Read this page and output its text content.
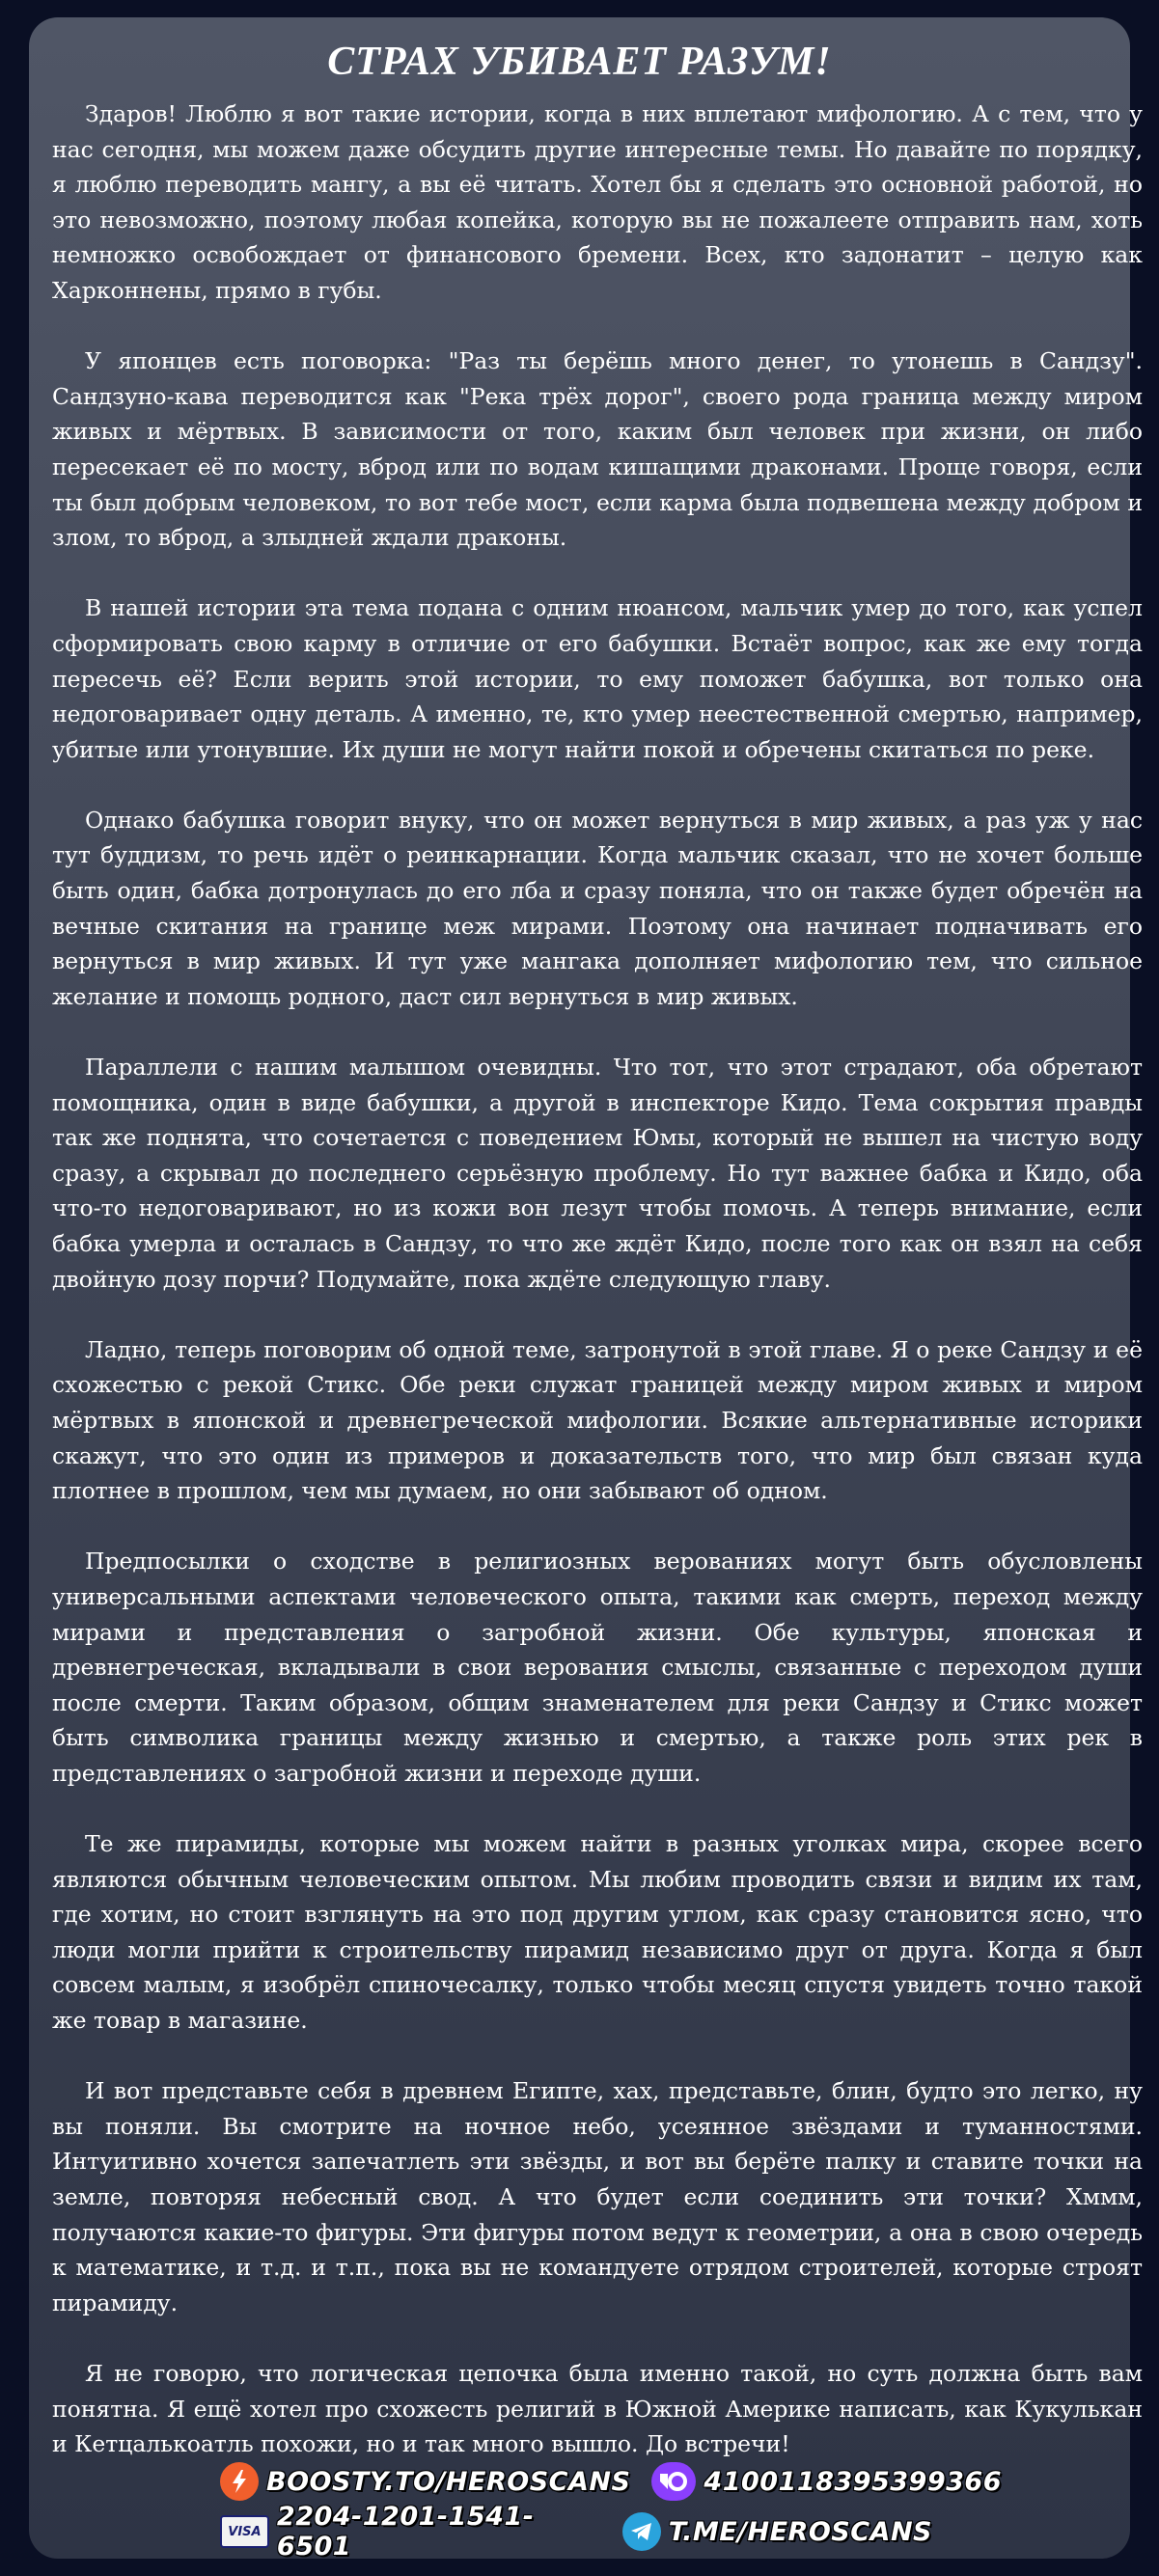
СТРАХ УБИВАЕТ РАЗУМ!

Здаров! Люблю я вот такие истории, когда в них вплетают мифологию. А с тем, что у нас сегодня, мы можем даже обсудить другие интересные темы. Но давайте по порядку, я люблю переводить мангу, а вы её читать. Хотел бы я сделать это основной работой, но это невозможно, поэтому любая копейка, которую вы не пожалеете отправить нам, хоть немножко освобождает от финансового бремени. Всех, кто задонатит – целую как Харконнены, прямо в губы.

У японцев есть поговорка: "Раз ты берёшь много денег, то утонешь в Сандзу". Сандзуно-кава переводится как "Река трёх дорог", своего рода граница между миром живых и мёртвых. В зависимости от того, каким был человек при жизни, он либо пересекает её по мосту, вброд или по водам кишащими драконами. Проще говоря, если ты был добрым человеком, то вот тебе мост, если карма была подвешена между добром и злом, то вброд, а злыдней ждали драконы.

В нашей истории эта тема подана с одним нюансом, мальчик умер до того, как успел сформировать свою карму в отличие от его бабушки. Встаёт вопрос, как же ему тогда пересечь её? Если верить этой истории, то ему поможет бабушка, вот только она недоговаривает одну деталь. А именно, те, кто умер неестественной смертью, например, убитые или утонувшие. Их души не могут найти покой и обречены скитаться по реке.

Однако бабушка говорит внуку, что он может вернуться в мир живых, а раз уж у нас тут буддизм, то речь идёт о реинкарнации. Когда мальчик сказал, что не хочет больше быть один, бабка дотронулась до его лба и сразу поняла, что он также будет обречён на вечные скитания на границе меж мирами. Поэтому она начинает подначивать его вернуться в мир живых. И тут уже мангака дополняет мифологию тем, что сильное желание и помощь родного, даст сил вернуться в мир живых.

Параллели с нашим малышом очевидны. Что тот, что этот страдают, оба обретают помощника, один в виде бабушки, а другой в инспекторе Кидо. Тема сокрытия правды так же поднята, что сочетается с поведением Юмы, который не вышел на чистую воду сразу, а скрывал до последнего серьёзную проблему. Но тут важнее бабка и Кидо, оба что-то недоговаривают, но из кожи вон лезут чтобы помочь. А теперь внимание, если бабка умерла и осталась в Сандзу, то что же ждёт Кидо, после того как он взял на себя двойную дозу порчи? Подумайте, пока ждёте следующую главу.

Ладно, теперь поговорим об одной теме, затронутой в этой главе. Я о реке Сандзу и её схожестью с рекой Стикс. Обе реки служат границей между миром живых и миром мёртвых в японской и древнегреческой мифологии. Всякие альтернативные историки скажут, что это один из примеров и доказательств того, что мир был связан куда плотнее в прошлом, чем мы думаем, но они забывают об одном.

Предпосылки о сходстве в религиозных верованиях могут быть обусловлены универсальными аспектами человеческого опыта, такими как смерть, переход между мирами и представления о загробной жизни. Обе культуры, японская и древнегреческая, вкладывали в свои верования смыслы, связанные с переходом души после смерти. Таким образом, общим знаменателем для реки Сандзу и Стикс может быть символика границы между жизнью и смертью, а также роль этих рек в представлениях о загробной жизни и переходе души.

Те же пирамиды, которые мы можем найти в разных уголках мира, скорее всего являются обычным человеческим опытом. Мы любим проводить связи и видим их там, где хотим, но стоит взглянуть на это под другим углом, как сразу становится ясно, что люди могли прийти к строительству пирамид независимо друг от друга. Когда я был совсем малым, я изобрёл спиночесалку, только чтобы месяц спустя увидеть точно такой же товар в магазине.

И вот представьте себя в древнем Египте, хах, представьте, блин, будто это легко, ну вы поняли. Вы смотрите на ночное небо, усеянное звёздами и туманностями. Интуитивно хочется запечатлеть эти звёзды, и вот вы берёте палку и ставите точки на земле, повторяя небесный свод. А что будет если соединить эти точки? Хммм, получаются какие-то фигуры. Эти фигуры потом ведут к геометрии, а она в свою очередь к математике, и т.д. и т.п., пока вы не командуете отрядом строителей, которые строят пирамиду.

Я не говорю, что логическая цепочка была именно такой, но суть должна быть вам понятна. Я ещё хотел про схожесть религий в Южной Америке написать, как Кукулькан и Кетцалькоатль похожи, но и так много вышло. До встречи!

BOOSTY.TO/HEROSCANS	4100118395399366
VISA 2204-1201-1541-6501	T.ME/HEROSCANS
